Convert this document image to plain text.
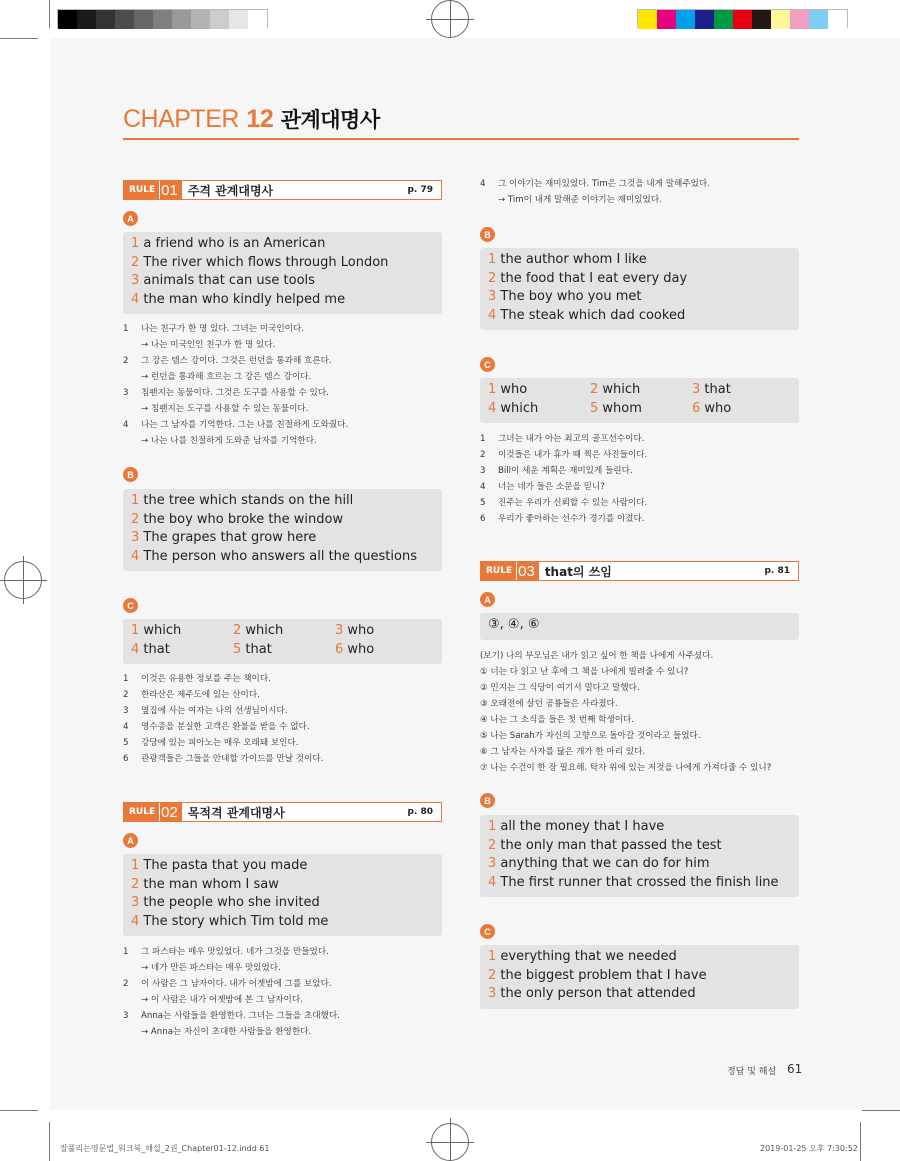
CHAPTER 12 관계대명사
RULE 01 주격 관계대명사	p. 79
A
1 a friend who is an American
2 The river which flows through London
3 animals that can use tools
4 the man who kindly helped me
1	나는 친구가 한 명 있다. 그녀는 미국인이다.
→ 나는 미국인인 친구가 한 명 있다.
2	그 강은 템스 강이다. 그것은 런던을 통과해 흐른다.
→ 런던을 통과해 흐르는 그 강은 템스 강이다.
3	침팬지는 동물이다. 그것은 도구를 사용할 수 있다.
→ 침팬지는 도구를 사용할 수 있는 동물이다.
4	나는 그 남자를 기억한다. 그는 나를 친절하게 도와줬다.
→ 나는 나를 친절하게 도와준 남자를 기억한다.
B
1 the tree which stands on the hill
2 the boy who broke the window
3 The grapes that grow here
4 The person who answers all the questions
C
1 which	2 which	3 who
4 that	5 that	6 who
1	이것은 유용한 정보를 주는 책이다.
2	한라산은 제주도에 있는 산이다.
3	옆집에 사는 여자는 나의 선생님이시다.
4	영수증을 분실한 고객은 환불을 받을 수 없다.
5	강당에 있는 피아노는 매우 오래돼 보인다.
6	관광객들은 그들을 안내할 가이드를 만날 것이다.
RULE 02 목적격 관계대명사	p. 80
A
1 The pasta that you made
2 the man whom I saw
3 the people who she invited
4 The story which Tim told me
1	그 파스타는 매우 맛있었다. 네가 그것을 만들었다.
→ 네가 만든 파스타는 매우 맛있었다.
2	이 사람은 그 남자이다. 내가 어젯밤에 그를 보았다.
→ 이 사람은 내가 어젯밤에 본 그 남자이다.
3	Anna는 사람들을 환영한다. 그녀는 그들을 초대했다.
→ Anna는 자신이 초대한 사람들을 환영한다.
4	그 이야기는 재미있었다. Tim은 그것을 내게 말해주었다.
→ Tim이 내게 말해준 이야기는 재미있었다.
B
1 the author whom I like
2 the food that I eat every day
3 The boy who you met
4 The steak which dad cooked
C
1 who	2 which	3 that
4 which	5 whom	6 who
1	그녀는 내가 아는 최고의 골프선수이다.
2	이것들은 내가 휴가 때 찍은 사진들이다.
3	Bill이 세운 계획은 재미있게 들린다.
4	너는 네가 들은 소문을 믿니?
5	진주는 우리가 신뢰할 수 있는 사람이다.
6	우리가 좋아하는 선수가 경기를 이겼다.
RULE 03 that의 쓰임	p. 81
A
③, ④, ⑥
(보기) 나의 부모님은 내가 읽고 싶어 한 책을 나에게 사주셨다.
① 너는 다 읽고 난 후에 그 책을 나에게 빌려줄 수 있니?
② 민지는 그 식당이 여기서 멀다고 말했다.
③ 오래전에 살던 공룡들은 사라졌다.
④ 나는 그 소식을 들은 첫 번째 학생이다.
⑤ 나는 Sarah가 자신의 고향으로 돌아갈 것이라고 들었다.
⑥ 그 남자는 사자를 닮은 개가 한 마리 있다.
⑦ 나는 수건이 한 장 필요해. 탁자 위에 있는 저것을 나에게 가져다줄 수 있니?
B
1 all the money that I have
2 the only man that passed the test
3 anything that we can do for him
4 The first runner that crossed the finish line
C
1 everything that we needed
2 the biggest problem that I have
3 the only person that attended
정답 및 해설 61
잘풀리는영문법_워크북_해설_2권_Chapter01-12.indd 61	2019-01-25 오후 7:30:52
